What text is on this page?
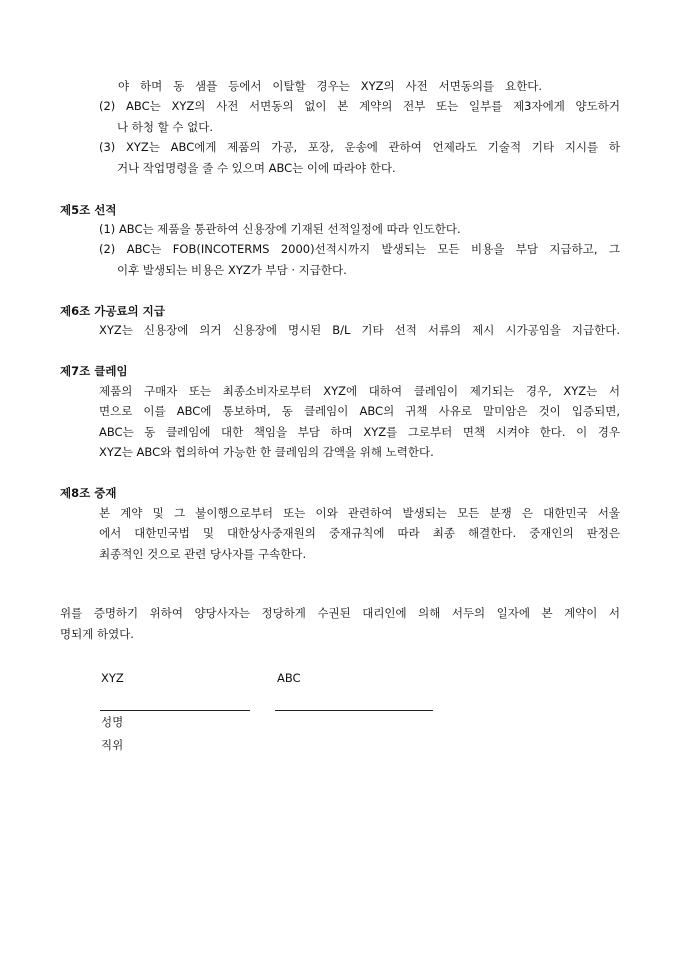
야 하며 동 샘플 등에서 이탈할 경우는 XYZ의 사전 서면동의를 요한다.
(2) ABC는 XYZ의 사전 서면동의 없이 본 계약의 전부 또는 일부를 제3자에게 양도하거
나 하청 할 수 없다.
(3) XYZ는 ABC에게 제품의 가공, 포장, 운송에 관하여 언제라도 기술적 기타 지시를 하
거나 작업명령을 줄 수 있으며 ABC는 이에 따라야 한다.
제5조 선적
(1) ABC는 제품을 통관하여 신용장에 기재된 선적일정에 따라 인도한다.
(2) ABC는 FOB(INCOTERMS 2000)선적시까지 발생되는 모든 비용을 부담 지급하고, 그
이후 발생되는 비용은 XYZ가 부담 · 지급한다.
제6조 가공료의 지급
XYZ는 신용장에 의거 신용장에 명시된 B/L 기타 선적 서류의 제시 시가공임을 지급한다.
제7조 클레임
제품의 구매자 또는 최종소비자로부터 XYZ에 대하여 클레임이 제기되는 경우, XYZ는 서
면으로 이를 ABC에 통보하며, 동 클레임이 ABC의 귀책 사유로 말미암은 것이 입증되면,
ABC는 동 클레임에 대한 책임을 부담 하며 XYZ를 그로부터 면책 시켜야 한다. 이 경우
XYZ는 ABC와 협의하여 가능한 한 클레임의 감액을 위해 노력한다.
제8조 중재
본 계약 및 그 불이행으로부터 또는 이와 관련하여 발생되는 모든 분쟁 은 대한민국 서울
에서 대한민국법 및 대한상사중재원의 중재규칙에 따라 최종 해결한다. 중재인의 판정은
최종적인 것으로 관련 당사자를 구속한다.
위를 증명하기 위하여 양당사자는 정당하게 수권된 대리인에 의해 서두의 일자에 본 계약이 서
명되게 하였다.
XYZ	ABC
성명
직위
